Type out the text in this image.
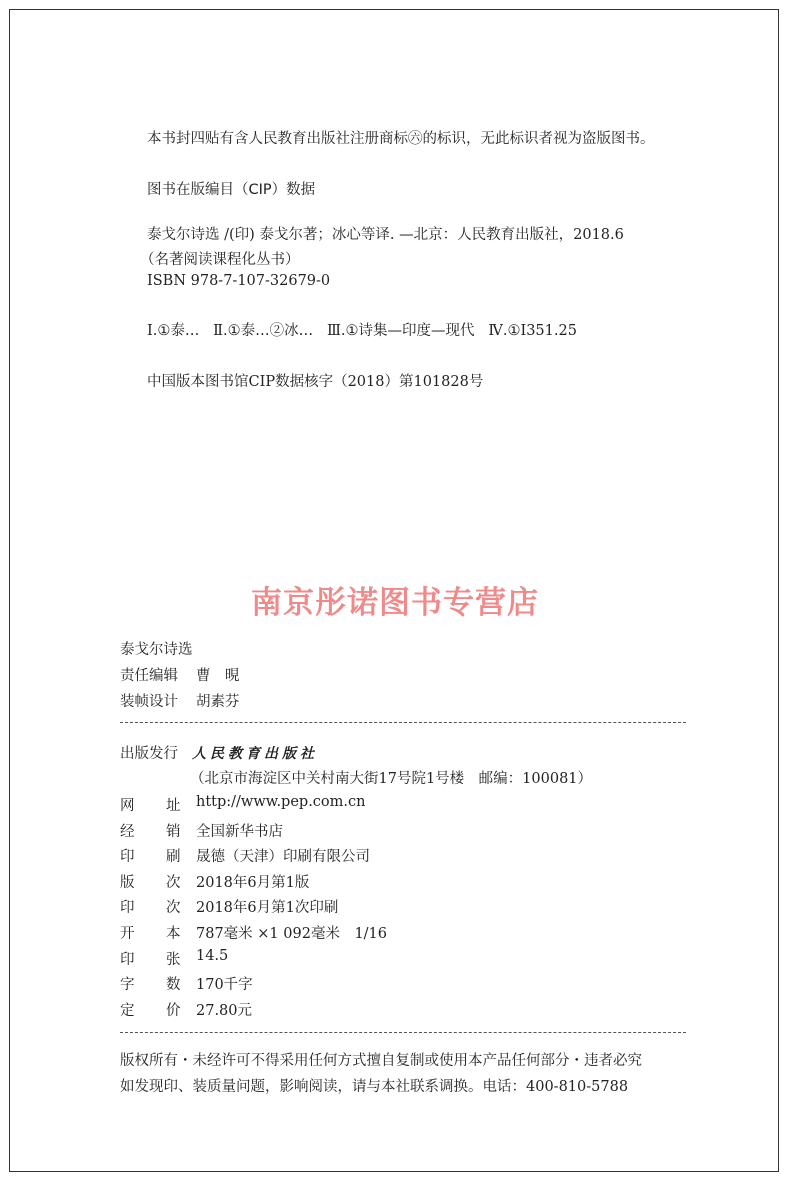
本书封四贴有含人民教育出版社注册商标㊅的标识，无此标识者视为盗版图书。
图书在版编目（CIP）数据
泰戈尔诗选 /(印) 泰戈尔著；冰心等译. —北京：人民教育出版社，2018.6
（名著阅读课程化丛书）
ISBN 978-7-107-32679-0
Ⅰ.①泰…   Ⅱ.①泰…②冰…   Ⅲ.①诗集—印度—现代   Ⅳ.①I351.25
中国版本图书馆CIP数据核字（2018）第101828号
南京彤诺图书专营店
泰戈尔诗选
责任编辑 曹　晛
装帧设计 胡素芬
出版发行 人民教育出版社
（北京市海淀区中关村南大街17号院1号楼　邮编：100081）
网 址 http://www.pep.com.cn
经 销 全国新华书店
印 刷 晟德（天津）印刷有限公司
版 次 2018年6月第1版
印 次 2018年6月第1次印刷
开 本 787毫米 ×1 092毫米　1/16
印 张 14.5
字 数 170千字
定 价 27.80元
版权所有・未经许可不得采用任何方式擅自复制或使用本产品任何部分・违者必究
如发现印、装质量问题，影响阅读，请与本社联系调换。电话：400-810-5788
